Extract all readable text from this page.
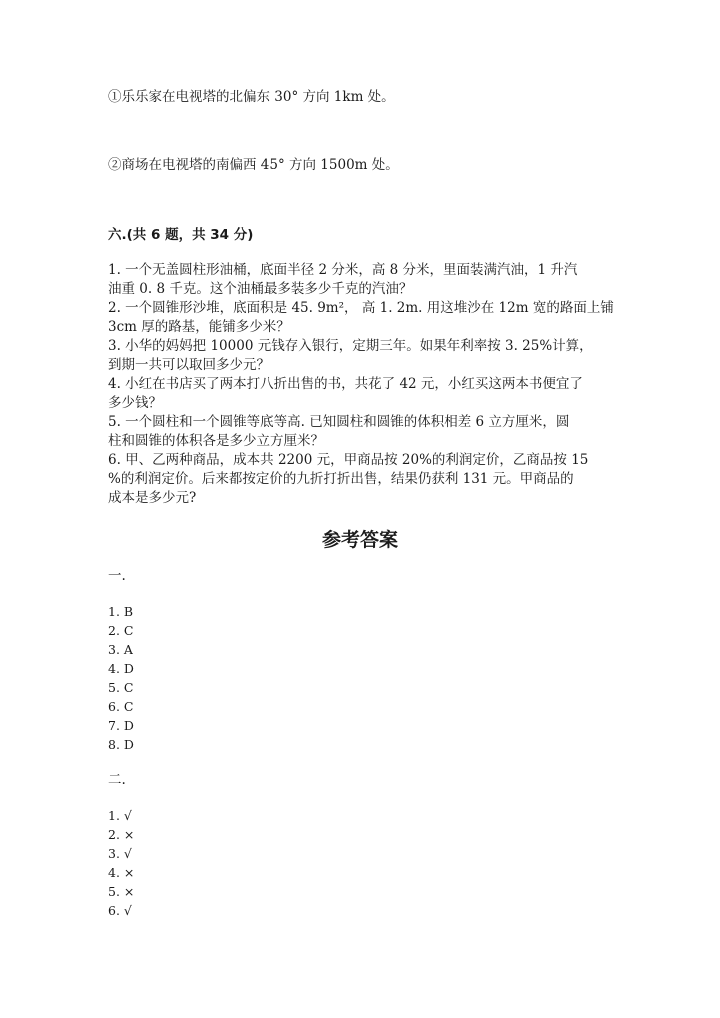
①乐乐家在电视塔的北偏东 30° 方向 1km 处。
②商场在电视塔的南偏西 45° 方向 1500m 处。
六.(共 6 题，共 34 分)
1. 一个无盖圆柱形油桶，底面半径 2 分米，高 8 分米，里面装满汽油，1 升汽
油重 0. 8 千克。这个油桶最多装多少千克的汽油？
2. 一个圆锥形沙堆，底面积是 45. 9m²， 高 1. 2m. 用这堆沙在 12m 宽的路面上铺
3cm 厚的路基，能铺多少米？
3. 小华的妈妈把 10000 元钱存入银行，定期三年。如果年利率按 3. 25%计算，
到期一共可以取回多少元？
4. 小红在书店买了两本打八折出售的书，共花了 42 元，小红买这两本书便宜了
多少钱？
5. 一个圆柱和一个圆锥等底等高. 已知圆柱和圆锥的体积相差 6 立方厘米，圆
柱和圆锥的体积各是多少立方厘米？
6. 甲、乙两种商品，成本共 2200 元，甲商品按 20%的利润定价，乙商品按 15
%的利润定价。后来都按定价的九折打折出售，结果仍获利 131 元。甲商品的
成本是多少元?
参考答案
一.
1. B
2. C
3. A
4. D
5. C
6. C
7. D
8. D
二.
1. √
2. ×
3. √
4. ×
5. ×
6. √
